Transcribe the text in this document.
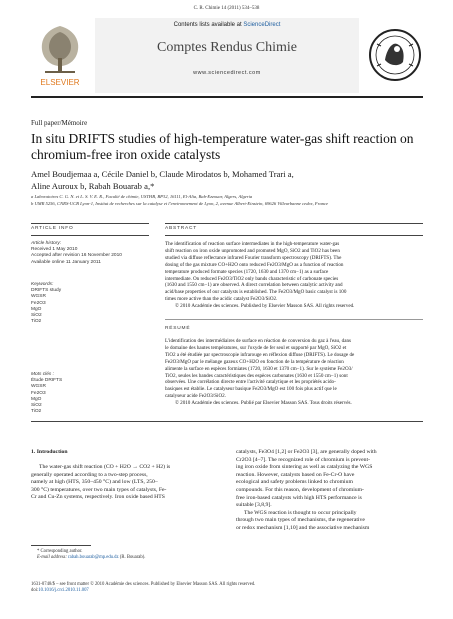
C. R. Chimie 14 (2011) 534–538
ELSEVIER
Contents lists available at ScienceDirect
Comptes Rendus Chimie
www.sciencedirect.com
Full paper/Mémoire
In situ DRIFTS studies of high-temperature water-gas shift reaction on
chromium-free iron oxide catalysts
Amel Boudjemaa a, Cécile Daniel b, Claude Mirodatos b, Mohamed Trari a,
Aline Auroux b, Rabah Bouarab a,*
a Laboratoires C. G. N. et L. S. V. E. R., Faculté de chimie, USTHB, BP32, 16111, El-Alia, Bab-Ezzouar, Algers, Algeria
b UMR 5256, CNRS-UCB Lyon-1, Institut de recherches sur la catalyse et l'environnement de Lyon, 2, avenue Albert-Einstein, 69626 Villeurbanne cedex, France
ARTICLE INFO
Article history:
Received 1 May 2010
Accepted after revision 16 November 2010
Available online 11 January 2011
Keywords:
DRIFTS study
WGSR
Fe2O3
MgO
SiO2
TiO2
Mots clés :
Étude DRIFTS
WGSR
Fe2O3
MgO
SiO2
TiO2
ABSTRACT
The identification of reaction surface intermediates in the high-temperature water-gas
shift reaction on iron oxide unpromoted and promoted MgO, SiO2 and TiO2 has been
studied via diffuse reflectance infrared Fourier transform spectroscopy (DRIFTS). The
dosing of the gas mixture CO+H2O onto reduced Fe2O3/MgO as a function of reaction
temperature produced formate species (1720, 1630 and 1370 cm−1) as a surface
intermediate. On reduced Fe2O3/TiO2 only bands characteristic of carbonate species
(1630 and 1550 cm−1) are observed. A direct correlation between catalytic activity and
acid/base properties of our catalysts is established. The Fe2O3/MgO basic catalyst is 100
times more active than the acidic catalyst Fe2O3/SiO2.
© 2010 Académie des sciences. Published by Elsevier Masson SAS. All rights reserved.
RÉSUMÉ
L'identification des intermédiaires de surface en réaction de conversion du gaz à l'eau, dans
le domaine des hautes températures, sur l'oxyde de fer seul et supporté par MgO, SiO2 et
TiO2 a été étudiée par spectroscopie infrarouge en réflexion diffuse (DRIFTS). Le dosage de
Fe2O3/MgO par le mélange gazeux CO+H2O en fonction de la température de réaction
alimente la surface en espèces formiates (1720, 1630 et 1370 cm−1). Sur le système Fe2O3/
TiO2, seules les bandes caractéristiques des espèces carbonates (1630 et 1550 cm−1) sont
observées. Une corrélation directe entre l'activité catalytique et les propriétés acido-
basiques est établie. Le catalyseur basique Fe2O3/MgO est 100 fois plus actif que le
catalyseur acide Fe2O3/SiO2.
© 2010 Académie des sciences. Publié par Elsevier Masson SAS. Tous droits réservés.
1. Introduction
The water-gas shift reaction (CO + H2O → CO2 + H2) is
generally operated according to a two-step process,
namely at high (HTS, 350–450 °C) and low (LTS, 250–
300 °C) temperatures, over two main types of catalysts, Fe-
Cr and Cu-Zn systems, respectively. Iron oxide based HTS
catalysts, Fe3O4 [1,2] or Fe2O3 [3], are generally doped with
Cr2O3 [4–7]. The recognized role of chromium is prevent-
ing iron oxide from sintering as well as catalyzing the WGS
reaction. However, catalysts based on Fe-Cr-O have
ecological and safety problems linked to chromium
compounds. For this reason, development of chromium-
free iron-based catalysts with high HTS performance is
suitable [3,8,9].
The WGS reaction is thought to occur principally
through two main types of mechanisms, the regenerative
or redox mechanism [1,10] and the associative mechanism
* Corresponding author.
E-mail address: rabah.bouarab@mp.edu.dz (R. Bouarab).
1631-0748/$ – see front matter © 2010 Académie des sciences. Published by Elsevier Masson SAS. All rights reserved.
doi:10.1016/j.crci.2010.11.007
